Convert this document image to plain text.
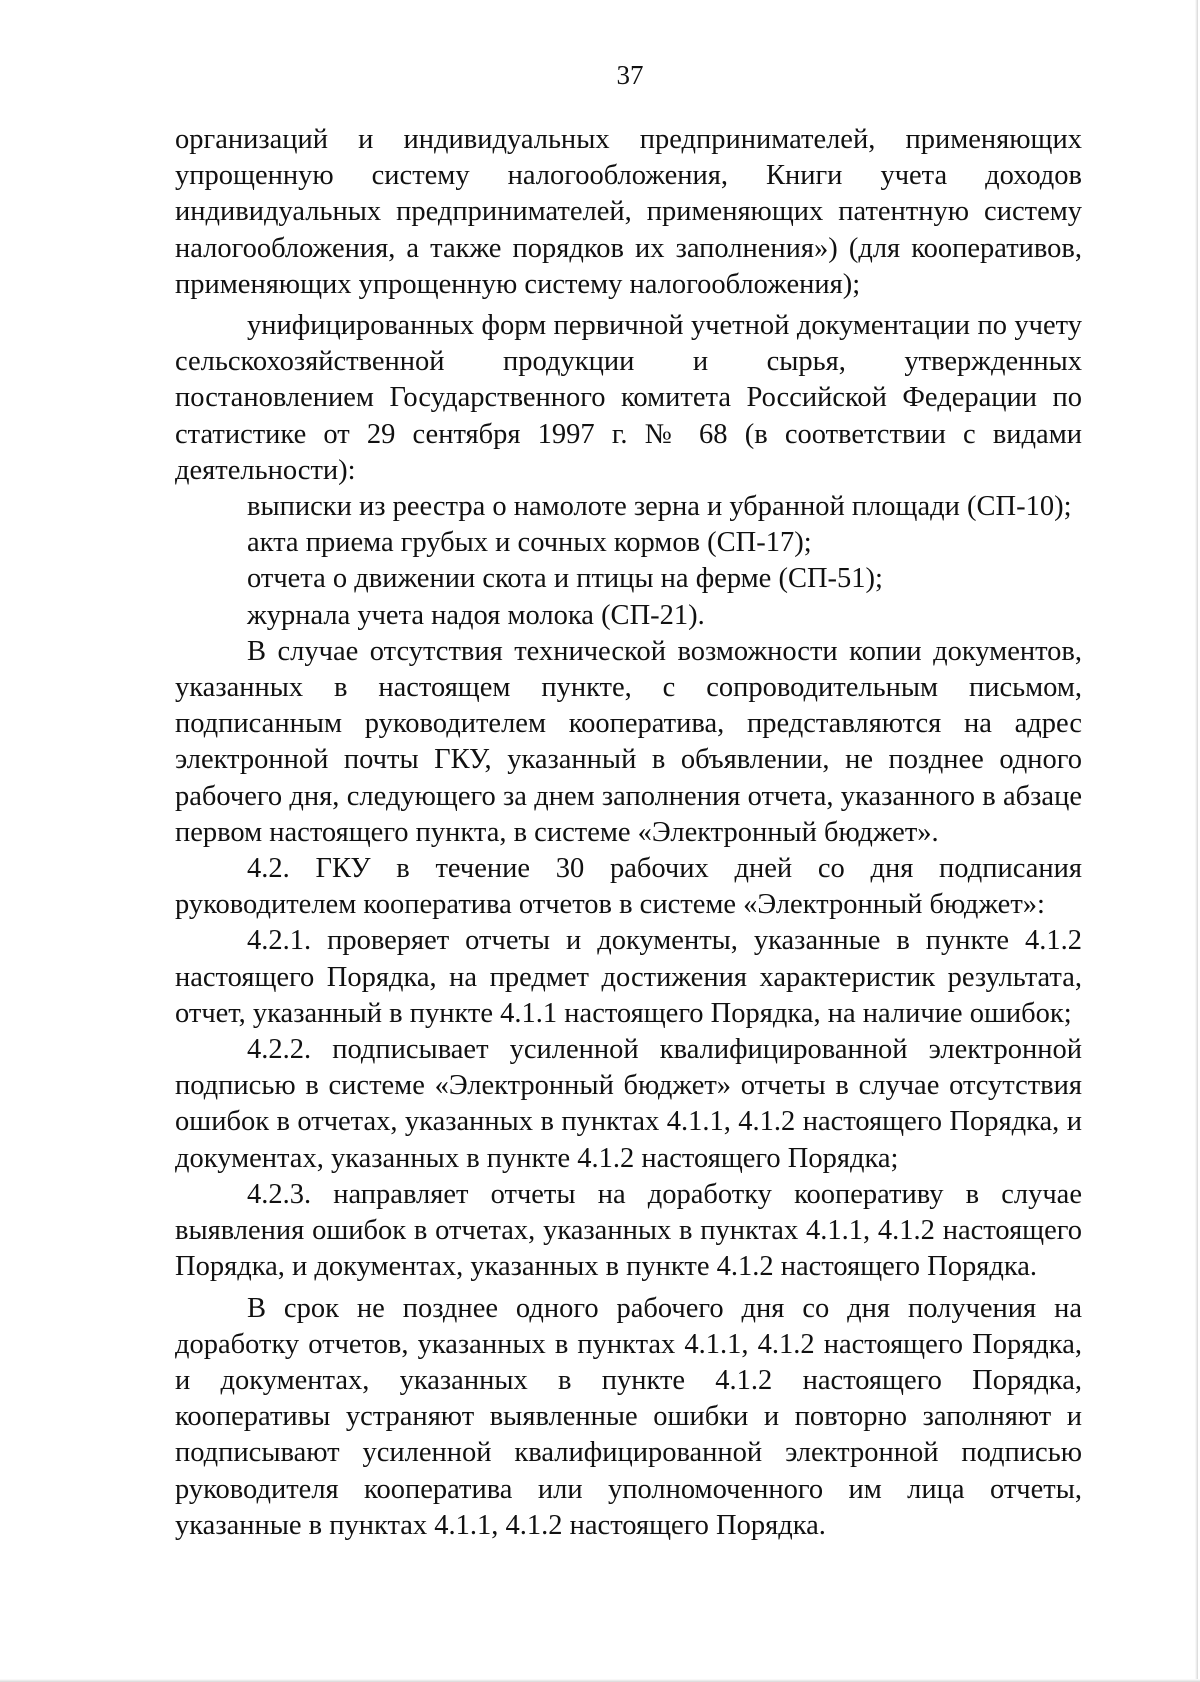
37

организаций и индивидуальных предпринимателей, применяющих упрощенную систему налогообложения, Книги учета доходов индивидуальных предпринимателей, применяющих патентную систему налогообложения, а также порядков их заполнения») (для кооперативов, применяющих упрощенную систему налогообложения);

унифицированных форм первичной учетной документации по учету сельскохозяйственной продукции и сырья, утвержденных постановлением Государственного комитета Российской Федерации по статистике от 29 сентября 1997 г. № 68 (в соответствии с видами деятельности):

выписки из реестра о намолоте зерна и убранной площади (СП-10);

акта приема грубых и сочных кормов (СП-17);

отчета о движении скота и птицы на ферме (СП-51);

журнала учета надоя молока (СП-21).

В случае отсутствия технической возможности копии документов, указанных в настоящем пункте, с сопроводительным письмом, подписанным руководителем кооператива, представляются на адрес электронной почты ГКУ, указанный в объявлении, не позднее одного рабочего дня, следующего за днем заполнения отчета, указанного в абзаце первом настоящего пункта, в системе «Электронный бюджет».

4.2. ГКУ в течение 30 рабочих дней со дня подписания руководителем кооператива отчетов в системе «Электронный бюджет»:

4.2.1. проверяет отчеты и документы, указанные в пункте 4.1.2 настоящего Порядка, на предмет достижения характеристик результата, отчет, указанный в пункте 4.1.1 настоящего Порядка, на наличие ошибок;

4.2.2. подписывает усиленной квалифицированной электронной подписью в системе «Электронный бюджет» отчеты в случае отсутствия ошибок в отчетах, указанных в пунктах 4.1.1, 4.1.2 настоящего Порядка, и документах, указанных в пункте 4.1.2 настоящего Порядка;

4.2.3. направляет отчеты на доработку кооперативу в случае выявления ошибок в отчетах, указанных в пунктах 4.1.1, 4.1.2 настоящего Порядка, и документах, указанных в пункте 4.1.2 настоящего Порядка.

В срок не позднее одного рабочего дня со дня получения на доработку отчетов, указанных в пунктах 4.1.1, 4.1.2 настоящего Порядка, и документах, указанных в пункте 4.1.2 настоящего Порядка, кооперативы устраняют выявленные ошибки и повторно заполняют и подписывают усиленной квалифицированной электронной подписью руководителя кооператива или уполномоченного им лица отчеты, указанные в пунктах 4.1.1, 4.1.2 настоящего Порядка.
